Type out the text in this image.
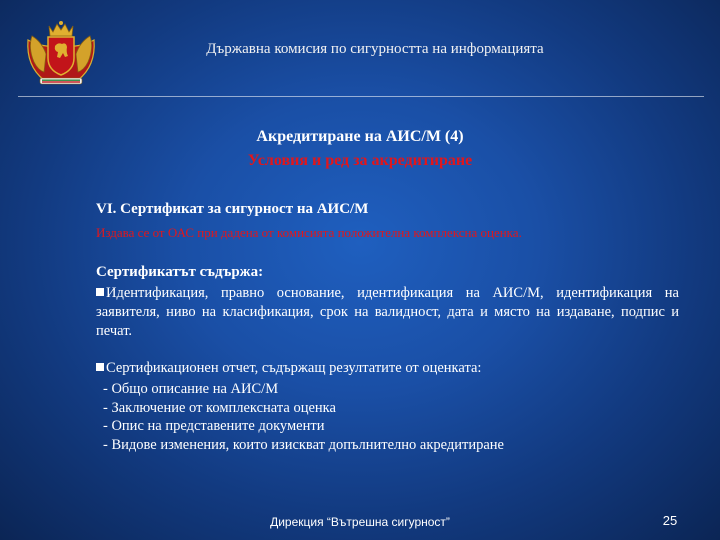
Държавна комисия по сигурността на информацията
Акредитиране на АИС/М (4)
Условия и ред за акредитиране
VI. Сертификат за сигурност на АИС/М
Издава се от ОАС при дадена от комисията положителна комплексна оценка.
Сертификатът съдържа:
Идентификация, правно основание, идентификация на АИС/М, идентификация на заявителя, ниво на класификация, срок на валидност, дата и място на издаване, подпис и печат.
Сертификационен отчет, съдържащ резултатите от оценката:
- Общо описание на АИС/М
- Заключение от комплексната оценка
- Опис на представените документи
- Видове изменения, които изискват допълнително акредитиране
Дирекция “Вътрешна сигурност”	25
